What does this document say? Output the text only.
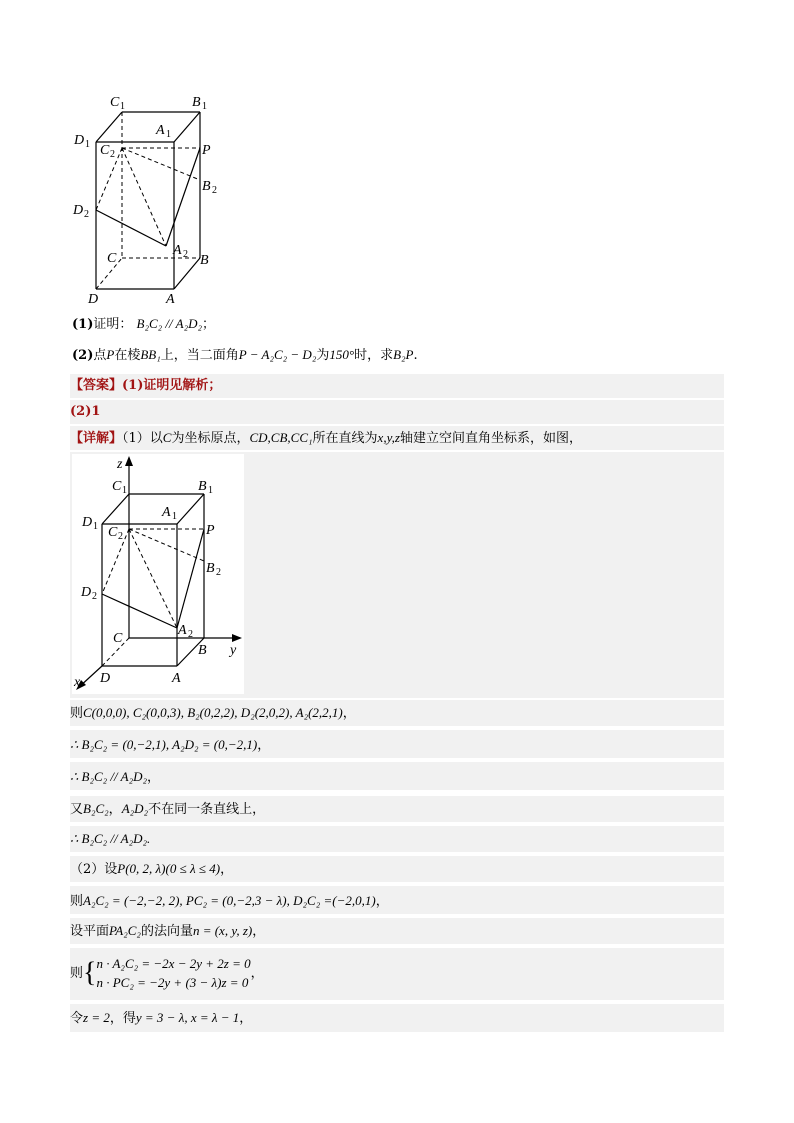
C 1	B 1
A 1
D 1 C 2	P
B 2
D 2
A 2
C	B
D	A
(1)证明： B₂C₂ // A₂D₂；
(2)点P在棱BB₁上，当二面角P − A₂C₂ − D₂为150°时，求B₂P.
【答案】(1)证明见解析；
(2)1
【详解】（1）以C为坐标原点，CD,CB,CC₁所在直线为x,y,z轴建立空间直角坐标系，如图，
z
y
x
C 1	B 1
A 1
D 1 C 2	P
B 2
D 2
A 2
C
B
D	A
则C(0,0,0), C₂(0,0,3), B₂(0,2,2), D₂(2,0,2), A₂(2,2,1)，
∴ B₂C₂ = (0,−2,1), A₂D₂ = (0,−2,1)，
∴ B₂C₂ // A₂D₂，
又B₂C₂，A₂D₂不在同一条直线上，
∴ B₂C₂ // A₂D₂.
（2）设P(0, 2, λ)(0 ≤ λ ≤ 4)，
则A₂C₂ = (−2,−2, 2), PC₂ = (0,−2,3 − λ), D₂C₂ =(−2,0,1)，
设平面PA₂C₂的法向量n = (x, y, z)，
则{n · A₂C₂ = −2x − 2y + 2z = 0
n · PC₂ = −2y + (3 − λ)z = 0，
令z = 2，得y = 3 − λ, x = λ − 1，
